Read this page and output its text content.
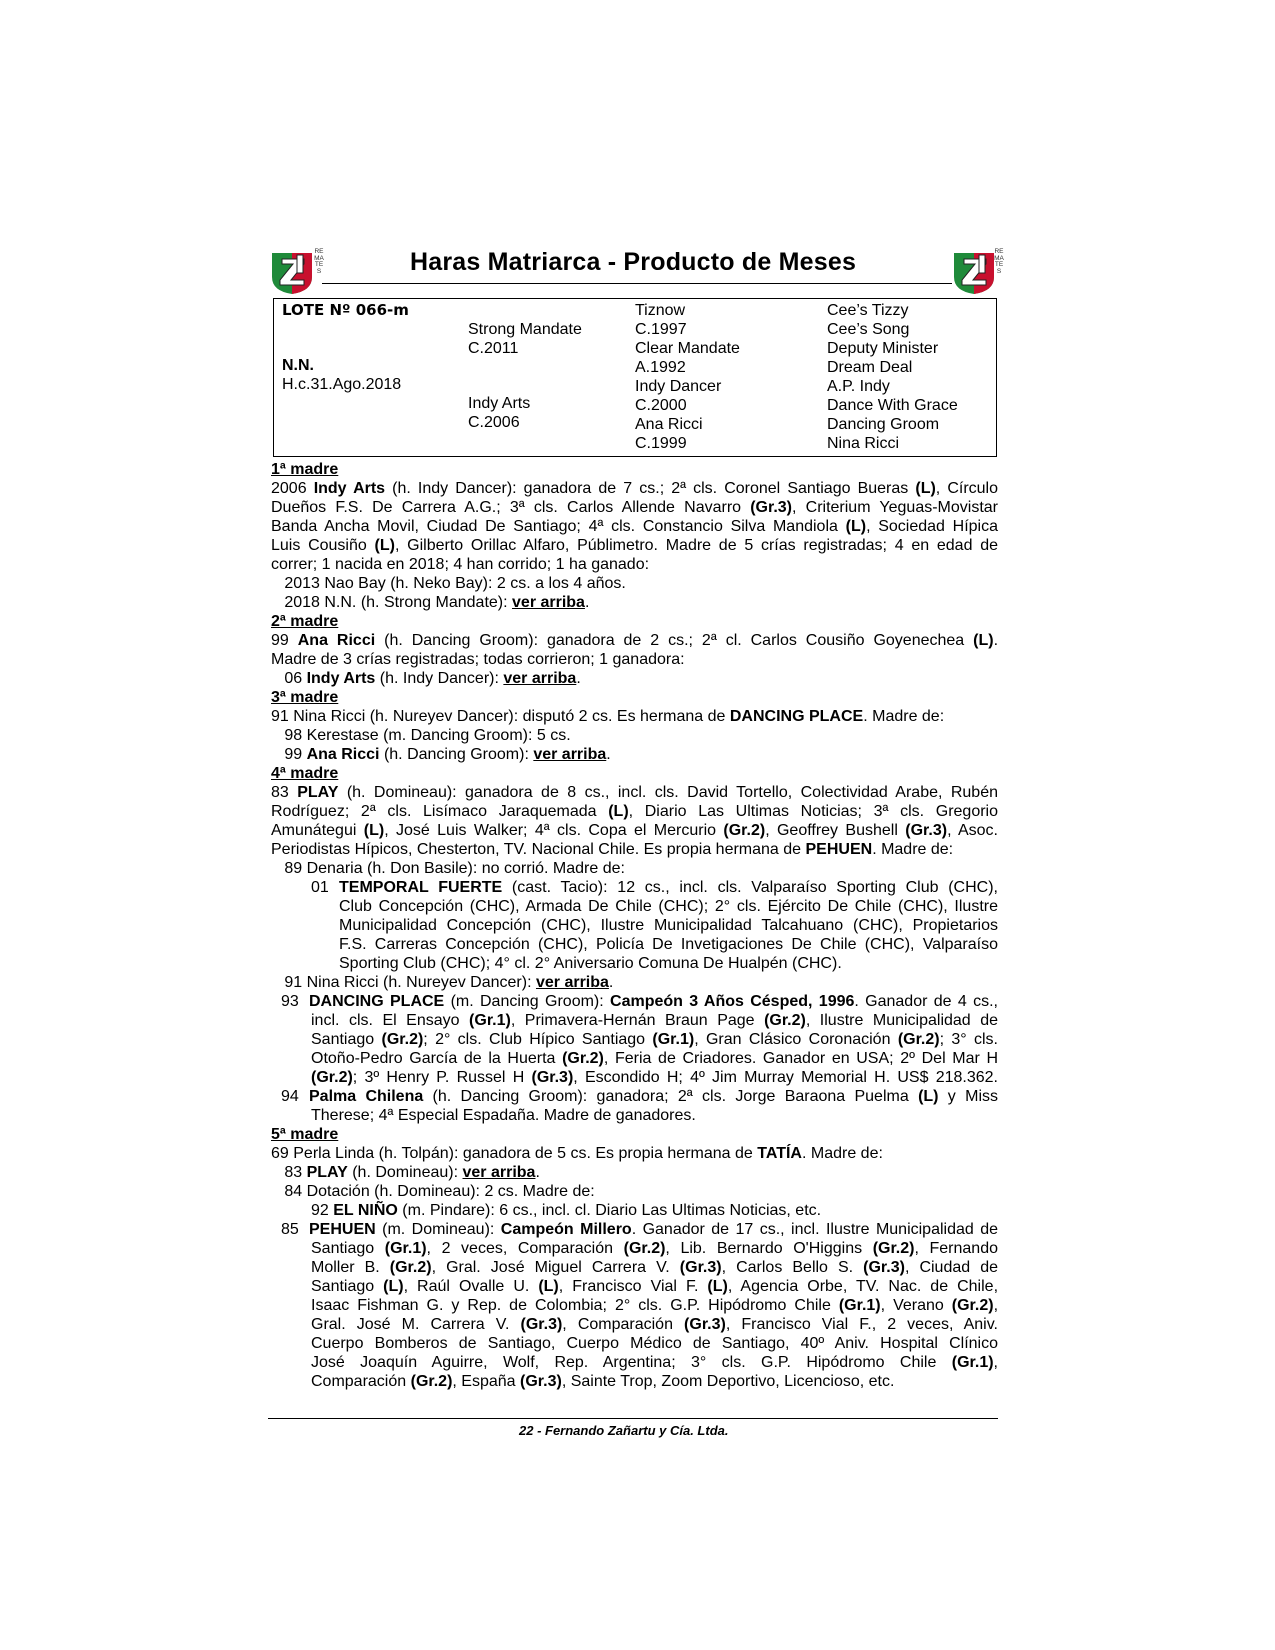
REMATES	Haras Matriarca - Producto de Meses	REMATES
LOTE Nº 066-m
N.N.
H.c.31.Ago.2018
Strong Mandate
C.2011
Indy Arts
C.2006
Tiznow
C.1997
Clear Mandate
A.1992
Indy Dancer
C.2000
Ana Ricci
C.1999
Cee’s Tizzy
Cee’s Song
Deputy Minister
Dream Deal
A.P. Indy
Dance With Grace
Dancing Groom
Nina Ricci
1ª madre
2006 Indy Arts (h. Indy Dancer): ganadora de 7 cs.; 2ª cls. Coronel Santiago Bueras (L), Círculo
Dueños F.S. De Carrera A.G.; 3ª cls. Carlos Allende Navarro (Gr.3), Criterium Yeguas-Movistar
Banda Ancha Movil, Ciudad De Santiago; 4ª cls. Constancio Silva Mandiola (L), Sociedad Hípica
Luis Cousiño (L), Gilberto Orillac Alfaro, Públimetro. Madre de 5 crías registradas; 4 en edad de
correr; 1 nacida en 2018; 4 han corrido; 1 ha ganado:
2013 Nao Bay (h. Neko Bay): 2 cs. a los 4 años.
2018 N.N. (h. Strong Mandate): ver arriba.
2ª madre
99 Ana Ricci (h. Dancing Groom): ganadora de 2 cs.; 2ª cl. Carlos Cousiño Goyenechea (L).
Madre de 3 crías registradas; todas corrieron; 1 ganadora:
06 Indy Arts (h. Indy Dancer): ver arriba.
3ª madre
91 Nina Ricci (h. Nureyev Dancer): disputó 2 cs. Es hermana de DANCING PLACE. Madre de:
98 Kerestase (m. Dancing Groom): 5 cs.
99 Ana Ricci (h. Dancing Groom): ver arriba.
4ª madre
83 PLAY (h. Domineau): ganadora de 8 cs., incl. cls. David Tortello, Colectividad Arabe, Rubén
Rodríguez; 2ª cls. Lisímaco Jaraquemada (L), Diario Las Ultimas Noticias; 3ª cls. Gregorio
Amunátegui (L), José Luis Walker; 4ª cls. Copa el Mercurio (Gr.2), Geoffrey Bushell (Gr.3), Asoc.
Periodistas Hípicos, Chesterton, TV. Nacional Chile. Es propia hermana de PEHUEN. Madre de:
89 Denaria (h. Don Basile): no corrió. Madre de:
01 TEMPORAL FUERTE (cast. Tacio): 12 cs., incl. cls. Valparaíso Sporting Club (CHC),
Club Concepción (CHC), Armada De Chile (CHC); 2° cls. Ejército De Chile (CHC), Ilustre
Municipalidad Concepción (CHC), Ilustre Municipalidad Talcahuano (CHC), Propietarios
F.S. Carreras Concepción (CHC), Policía De Invetigaciones De Chile (CHC), Valparaíso
Sporting Club (CHC); 4° cl. 2° Aniversario Comuna De Hualpén (CHC).
91 Nina Ricci (h. Nureyev Dancer): ver arriba.
93 DANCING PLACE (m. Dancing Groom): Campeón 3 Años Césped, 1996. Ganador de 4 cs.,
incl. cls. El Ensayo (Gr.1), Primavera-Hernán Braun Page (Gr.2), Ilustre Municipalidad de
Santiago (Gr.2); 2° cls. Club Hípico Santiago (Gr.1), Gran Clásico Coronación (Gr.2); 3° cls.
Otoño-Pedro García de la Huerta (Gr.2), Feria de Criadores. Ganador en USA; 2º Del Mar H
(Gr.2); 3º Henry P. Russel H (Gr.3), Escondido H; 4º Jim Murray Memorial H. US$ 218.362.
94 Palma Chilena (h. Dancing Groom): ganadora; 2ª cls. Jorge Baraona Puelma (L) y Miss
Therese; 4ª Especial Espadaña. Madre de ganadores.
5ª madre
69 Perla Linda (h. Tolpán): ganadora de 5 cs. Es propia hermana de TATÍA. Madre de:
83 PLAY (h. Domineau): ver arriba.
84 Dotación (h. Domineau): 2 cs. Madre de:
92 EL NIÑO (m. Pindare): 6 cs., incl. cl. Diario Las Ultimas Noticias, etc.
85 PEHUEN (m. Domineau): Campeón Millero. Ganador de 17 cs., incl. Ilustre Municipalidad de
Santiago (Gr.1), 2 veces, Comparación (Gr.2), Lib. Bernardo O'Higgins (Gr.2), Fernando
Moller B. (Gr.2), Gral. José Miguel Carrera V. (Gr.3), Carlos Bello S. (Gr.3), Ciudad de
Santiago (L), Raúl Ovalle U. (L), Francisco Vial F. (L), Agencia Orbe, TV. Nac. de Chile,
Isaac Fishman G. y Rep. de Colombia; 2° cls. G.P. Hipódromo Chile (Gr.1), Verano (Gr.2),
Gral. José M. Carrera V. (Gr.3), Comparación (Gr.3), Francisco Vial F., 2 veces, Aniv.
Cuerpo Bomberos de Santiago, Cuerpo Médico de Santiago, 40º Aniv. Hospital Clínico
José Joaquín Aguirre, Wolf, Rep. Argentina; 3° cls. G.P. Hipódromo Chile (Gr.1),
Comparación (Gr.2), España (Gr.3), Sainte Trop, Zoom Deportivo, Licencioso, etc.
22 - Fernando Zañartu y Cía. Ltda.
